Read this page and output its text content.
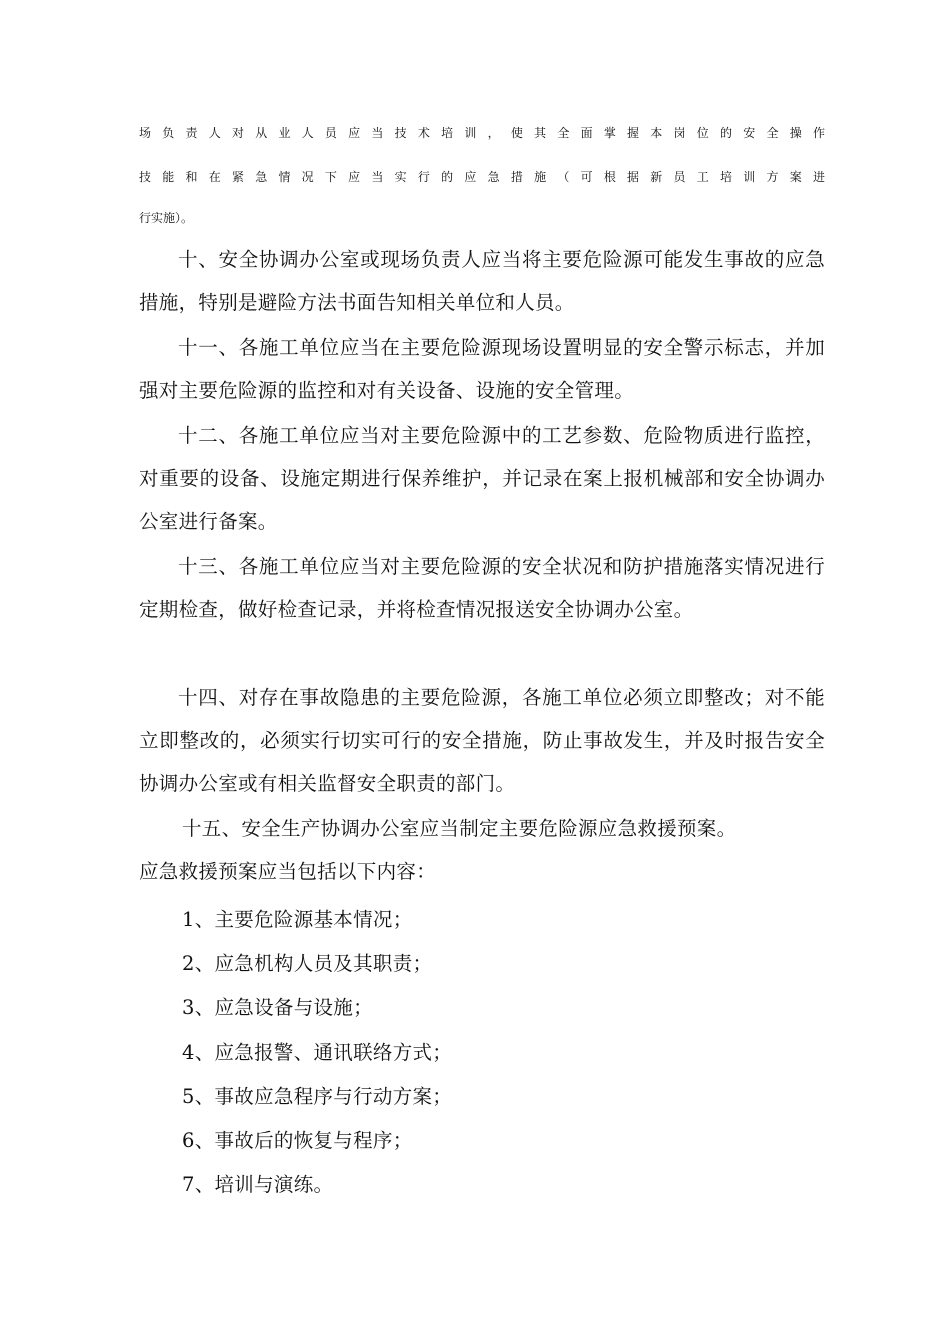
场负责人对从业人员应当技术培训，使其全面掌握本岗位的安全操作
技能和在紧急情况下应当实行的应急措施（可根据新员工培训方案进
行实施）。
十、安全协调办公室或现场负责人应当将主要危险源可能发生事故的应急措施，特别是避险方法书面告知相关单位和人员。
十一、各施工单位应当在主要危险源现场设置明显的安全警示标志，并加强对主要危险源的监控和对有关设备、设施的安全管理。
十二、各施工单位应当对主要危险源中的工艺参数、危险物质进行监控，对重要的设备、设施定期进行保养维护，并记录在案上报机械部和安全协调办公室进行备案。
十三、各施工单位应当对主要危险源的安全状况和防护措施落实情况进行定期检查，做好检查记录，并将检查情况报送安全协调办公室。
十四、对存在事故隐患的主要危险源，各施工单位必须立即整改；对不能立即整改的，必须实行切实可行的安全措施，防止事故发生，并及时报告安全协调办公室或有相关监督安全职责的部门。
十五、安全生产协调办公室应当制定主要危险源应急救援预案。
应急救援预案应当包括以下内容：
1、主要危险源基本情况；
2、应急机构人员及其职责；
3、应急设备与设施；
4、应急报警、通讯联络方式；
5、事故应急程序与行动方案；
6、事故后的恢复与程序；
7、培训与演练。
